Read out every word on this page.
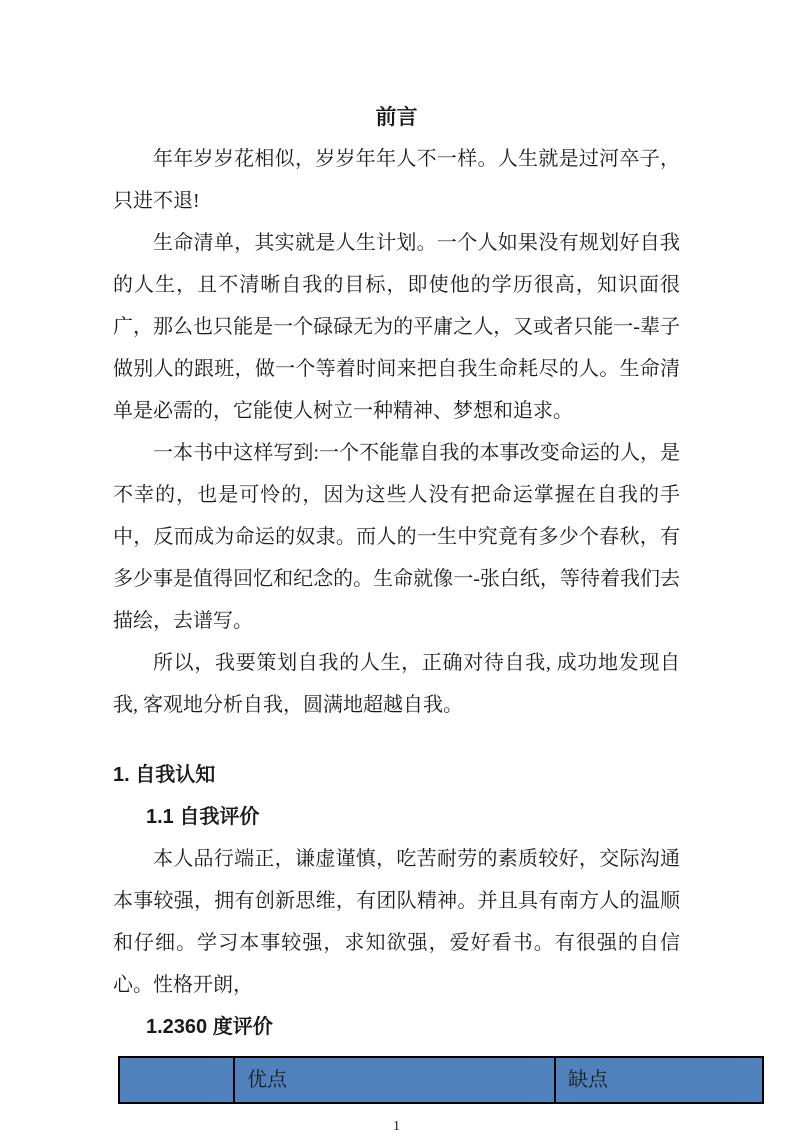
前言

年年岁岁花相似，岁岁年年人不一样。人生就是过河卒子，只进不退!

生命清单，其实就是人生计划。一个人如果没有规划好自我的人生，且不清晰自我的目标，即使他的学历很高，知识面很广，那么也只能是一个碌碌无为的平庸之人，又或者只能一-辈子做别人的跟班，做一个等着时间来把自我生命耗尽的人。生命清单是必需的，它能使人树立一种精神、梦想和追求。

一本书中这样写到:一个不能靠自我的本事改变命运的人，是不幸的，也是可怜的，因为这些人没有把命运掌握在自我的手中，反而成为命运的奴隶。而人的一生中究竟有多少个春秋，有多少事是值得回忆和纪念的。生命就像一-张白纸，等待着我们去描绘，去谱写。

所以，我要策划自我的人生，正确对待自我, 成功地发现自我, 客观地分析自我，圆满地超越自我。

1. 自我认知
1.1 自我评价

本人品行端正，谦虚谨慎，吃苦耐劳的素质较好，交际沟通本事较强，拥有创新思维，有团队精神。并且具有南方人的温顺和仔细。学习本事较强，求知欲强，爱好看书。有很强的自信心。性格开朗，

1.2360 度评价
	优点	缺点
1
